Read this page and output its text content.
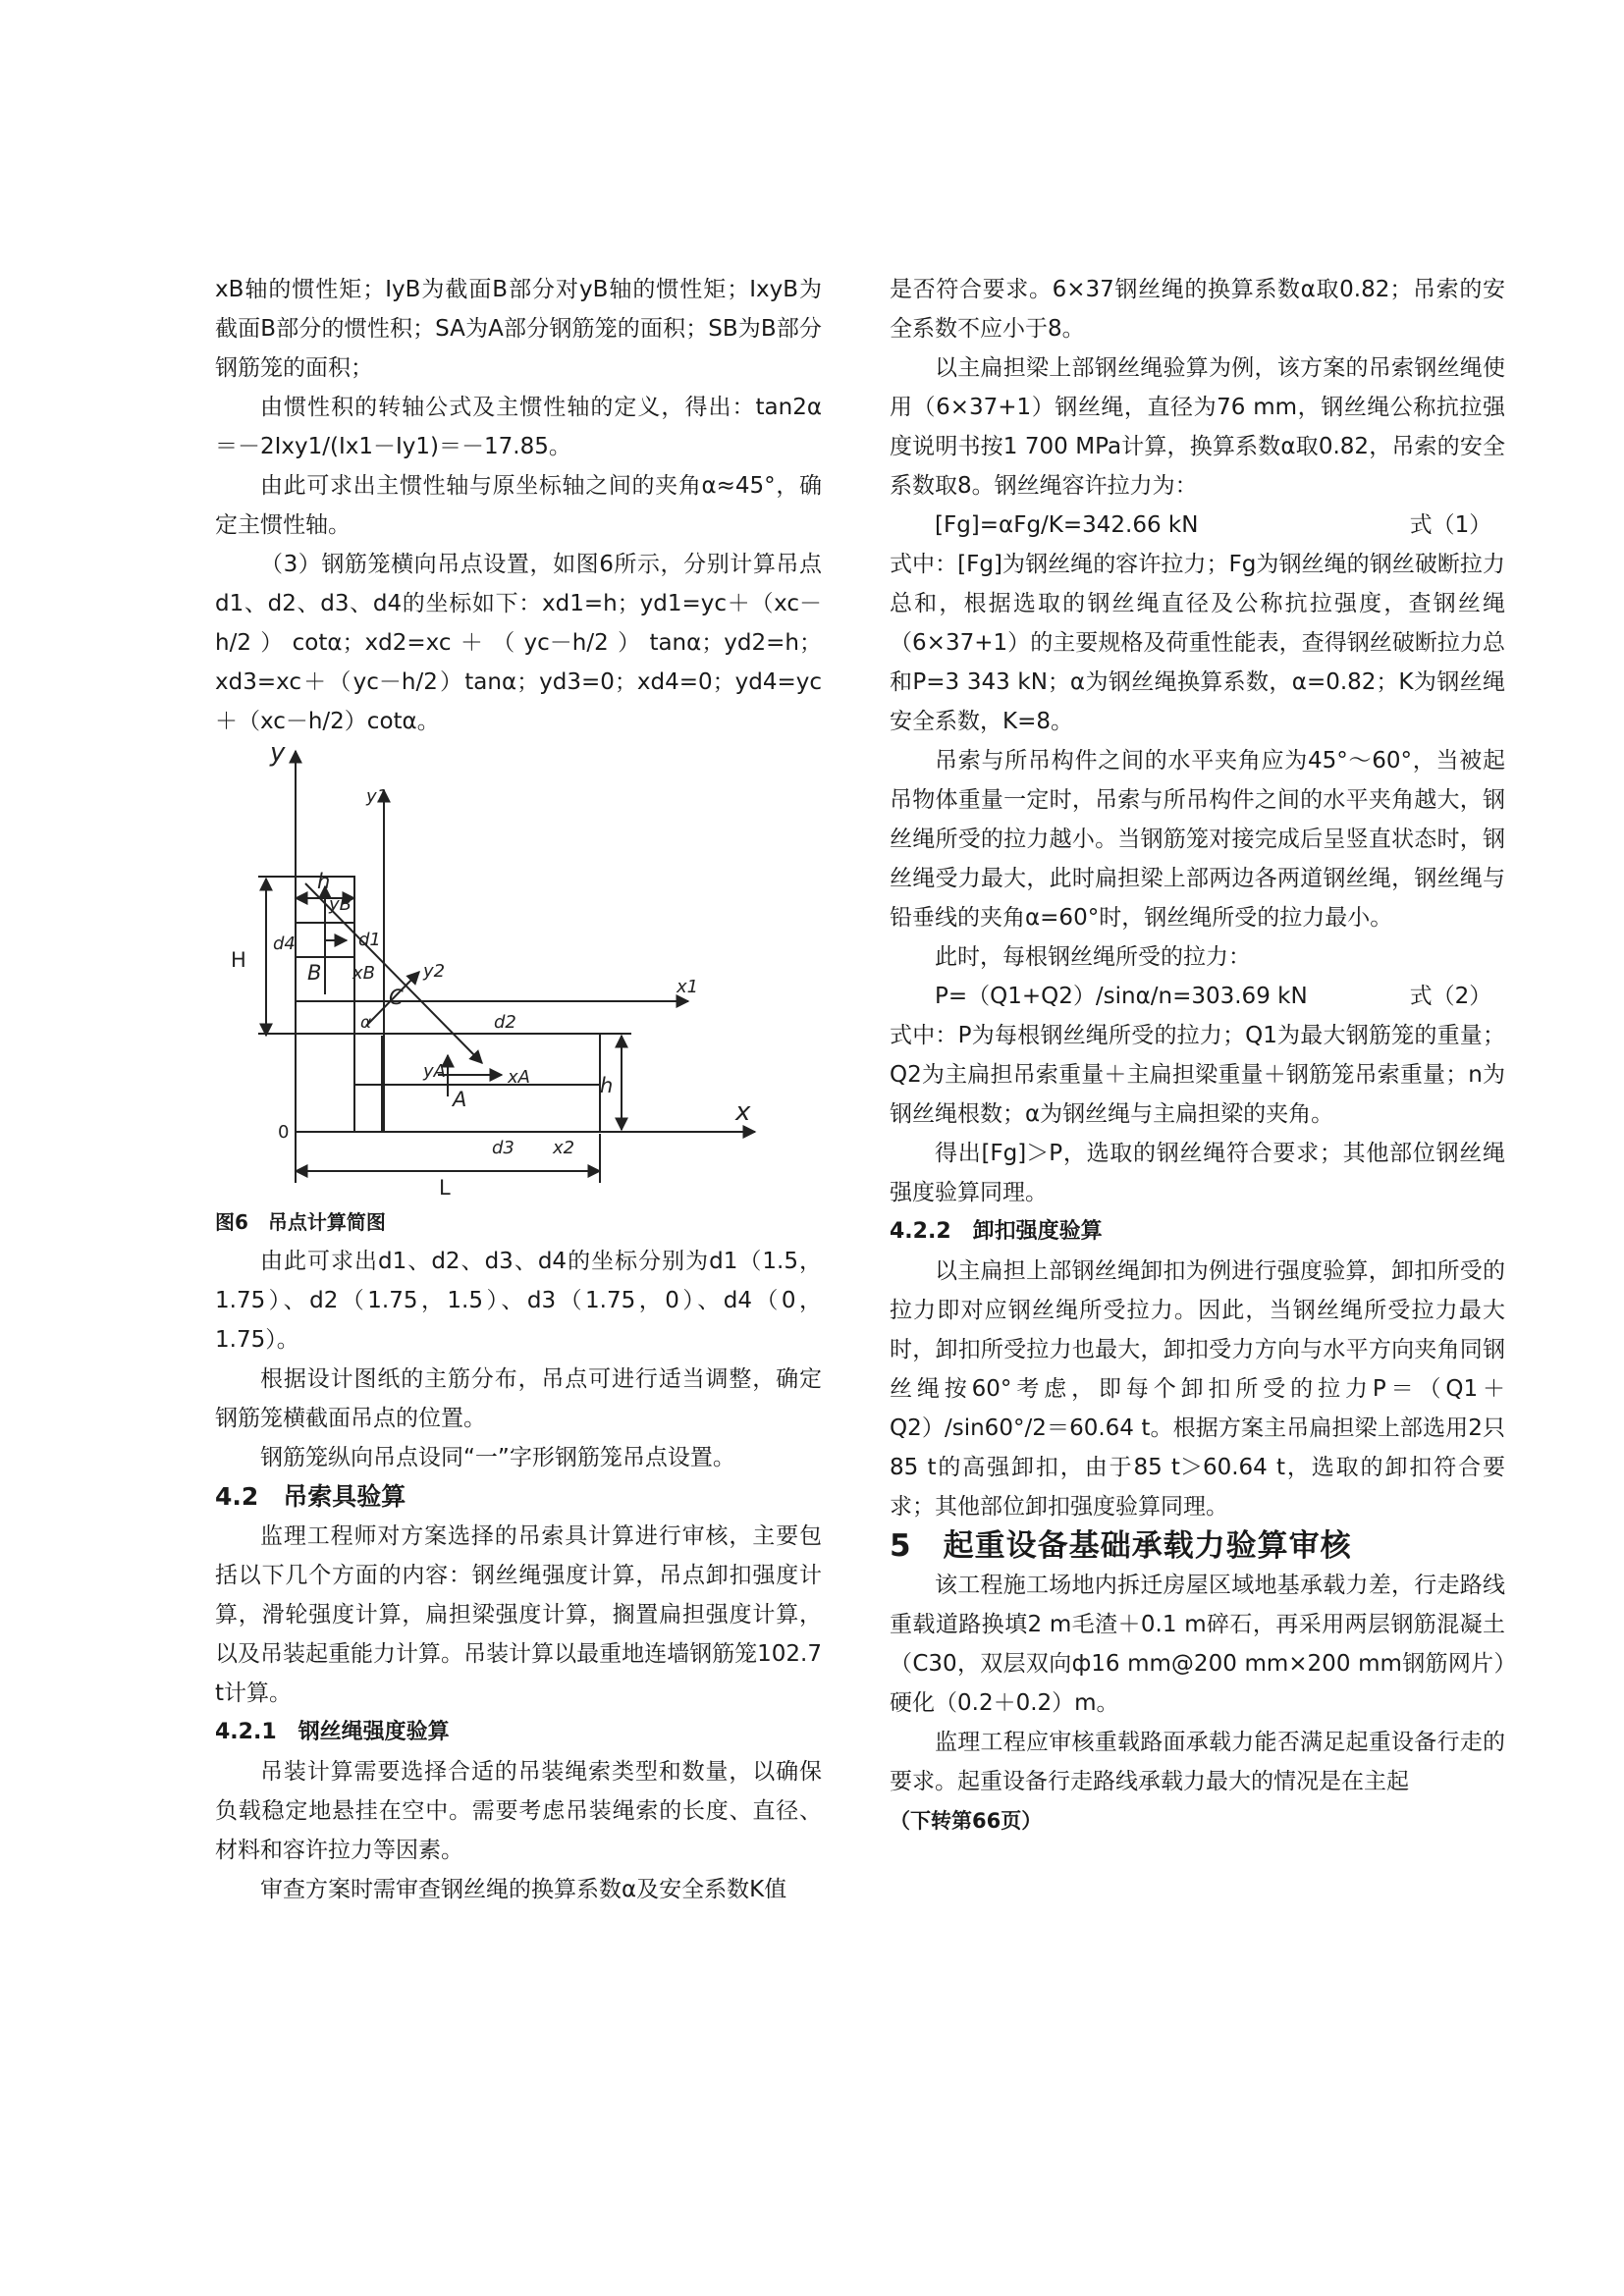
xB轴的惯性矩；IyB为截面B部分对yB轴的惯性矩；IxyB为截面B部分的惯性积；SA为A部分钢筋笼的面积；SB为B部分钢筋笼的面积；

由惯性积的转轴公式及主惯性轴的定义，得出：tan2α＝－2Ixy1/(Ix1－Iy1)＝－17.85。

由此可求出主惯性轴与原坐标轴之间的夹角α≈45°，确定主惯性轴。

（3）钢筋笼横向吊点设置，如图6所示，分别计算吊点d1、d2、d3、d4的坐标如下：xd1=h；yd1=yc＋（xc－h/2）cotα；xd2=xc＋（yc－h/2）tanα；yd2=h；xd3=xc＋（yc－h/2）tanα；yd3=0；xd4=0；yd4=yc＋（xc－h/2）cotα。

y
y1
h
H
yB
d4	d1
B xB	y2
C	x1
α	d2
yA
A
xA	h
x
0
d3 x2
L

图6　吊点计算简图

由此可求出d1、d2、d3、d4的坐标分别为d1（1.5，1.75）、d2（1.75，1.5）、d3（1.75，0）、d4（0，1.75）。

根据设计图纸的主筋分布，吊点可进行适当调整，确定钢筋笼横截面吊点的位置。

钢筋笼纵向吊点设同“一”字形钢筋笼吊点设置。

4.2　吊索具验算

监理工程师对方案选择的吊索具计算进行审核，主要包括以下几个方面的内容：钢丝绳强度计算，吊点卸扣强度计算，滑轮强度计算，扁担梁强度计算，搁置扁担强度计算，以及吊装起重能力计算。吊装计算以最重地连墙钢筋笼102.7 t计算。

4.2.1　钢丝绳强度验算

吊装计算需要选择合适的吊装绳索类型和数量，以确保负载稳定地悬挂在空中。需要考虑吊装绳索的长度、直径、材料和容许拉力等因素。

审查方案时需审查钢丝绳的换算系数α及安全系数K值

是否符合要求。6×37钢丝绳的换算系数α取0.82；吊索的安全系数不应小于8。

以主扁担梁上部钢丝绳验算为例，该方案的吊索钢丝绳使用（6×37+1）钢丝绳，直径为76 mm，钢丝绳公称抗拉强度说明书按1 700 MPa计算，换算系数α取0.82，吊索的安全系数取8。钢丝绳容许拉力为：

[Fg]=αFg/K=342.66 kN	式（1）

式中：[Fg]为钢丝绳的容许拉力；Fg为钢丝绳的钢丝破断拉力总和，根据选取的钢丝绳直径及公称抗拉强度，查钢丝绳（6×37+1）的主要规格及荷重性能表，查得钢丝破断拉力总和P=3 343 kN；α为钢丝绳换算系数，α=0.82；K为钢丝绳安全系数，K=8。

吊索与所吊构件之间的水平夹角应为45°～60°，当被起吊物体重量一定时，吊索与所吊构件之间的水平夹角越大，钢丝绳所受的拉力越小。当钢筋笼对接完成后呈竖直状态时，钢丝绳受力最大，此时扁担梁上部两边各两道钢丝绳，钢丝绳与铅垂线的夹角α=60°时，钢丝绳所受的拉力最小。

此时，每根钢丝绳所受的拉力：

P=（Q1+Q2）/sinα/n=303.69 kN	式（2）

式中：P为每根钢丝绳所受的拉力；Q1为最大钢筋笼的重量；Q2为主扁担吊索重量＋主扁担梁重量＋钢筋笼吊索重量；n为钢丝绳根数；α为钢丝绳与主扁担梁的夹角。

得出[Fg]＞P，选取的钢丝绳符合要求；其他部位钢丝绳强度验算同理。

4.2.2　卸扣强度验算

以主扁担上部钢丝绳卸扣为例进行强度验算，卸扣所受的拉力即对应钢丝绳所受拉力。因此，当钢丝绳所受拉力最大时，卸扣所受拉力也最大，卸扣受力方向与水平方向夹角同钢丝绳按60°考虑，即每个卸扣所受的拉力P＝（Q1＋Q2）/sin60°/2＝60.64 t。根据方案主吊扁担梁上部选用2只85 t的高强卸扣，由于85 t＞60.64 t，选取的卸扣符合要求；其他部位卸扣强度验算同理。

5　起重设备基础承载力验算审核

该工程施工场地内拆迁房屋区域地基承载力差，行走路线重载道路换填2 m毛渣＋0.1 m碎石，再采用两层钢筋混凝土（C30，双层双向ф16 mm@200 mm×200 mm钢筋网片）硬化（0.2＋0.2）m。

监理工程应审核重载路面承载力能否满足起重设备行走的要求。起重设备行走路线承载力最大的情况是在主起

（下转第66页）
